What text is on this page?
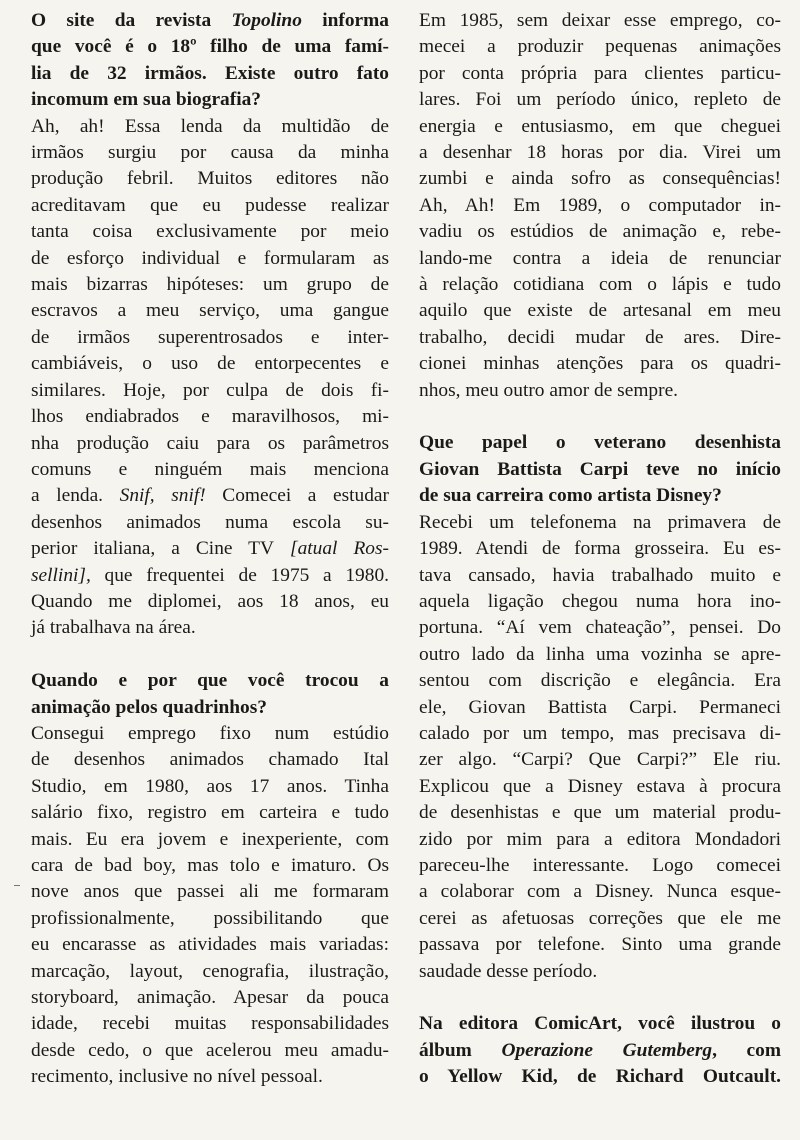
O site da revista Topolino informa
que você é o 18º filho de uma famí-
lia de 32 irmãos. Existe outro fato
incomum em sua biografia?
Ah, ah! Essa lenda da multidão de
irmãos surgiu por causa da minha
produção febril. Muitos editores não
acreditavam que eu pudesse realizar
tanta coisa exclusivamente por meio
de esforço individual e formularam as
mais bizarras hipóteses: um grupo de
escravos a meu serviço, uma gangue
de irmãos superentrosados e inter-
cambiáveis, o uso de entorpecentes e
similares. Hoje, por culpa de dois fi-
lhos endiabrados e maravilhosos, mi-
nha produção caiu para os parâmetros
comuns e ninguém mais menciona
a lenda. Snif, snif! Comecei a estudar
desenhos animados numa escola su-
perior italiana, a Cine TV [atual Ros-
sellini], que frequentei de 1975 a 1980.
Quando me diplomei, aos 18 anos, eu
já trabalhava na área.
Quando e por que você trocou a
animação pelos quadrinhos?
Consegui emprego fixo num estúdio
de desenhos animados chamado Ital
Studio, em 1980, aos 17 anos. Tinha
salário fixo, registro em carteira e tudo
mais. Eu era jovem e inexperiente, com
cara de bad boy, mas tolo e imaturo. Os
nove anos que passei ali me formaram
profissionalmente, possibilitando que
eu encarasse as atividades mais variadas:
marcação, layout, cenografia, ilustração,
storyboard, animação. Apesar da pouca
idade, recebi muitas responsabilidades
desde cedo, o que acelerou meu amadu-
recimento, inclusive no nível pessoal.
Em 1985, sem deixar esse emprego, co-
mecei a produzir pequenas animações
por conta própria para clientes particu-
lares. Foi um período único, repleto de
energia e entusiasmo, em que cheguei
a desenhar 18 horas por dia. Virei um
zumbi e ainda sofro as consequências!
Ah, Ah! Em 1989, o computador in-
vadiu os estúdios de animação e, rebe-
lando-me contra a ideia de renunciar
à relação cotidiana com o lápis e tudo
aquilo que existe de artesanal em meu
trabalho, decidi mudar de ares. Dire-
cionei minhas atenções para os quadri-
nhos, meu outro amor de sempre.
Que papel o veterano desenhista
Giovan Battista Carpi teve no início
de sua carreira como artista Disney?
Recebi um telefonema na primavera de
1989. Atendi de forma grosseira. Eu es-
tava cansado, havia trabalhado muito e
aquela ligação chegou numa hora ino-
portuna. “Aí vem chateação”, pensei. Do
outro lado da linha uma vozinha se apre-
sentou com discrição e elegância. Era
ele, Giovan Battista Carpi. Permaneci
calado por um tempo, mas precisava di-
zer algo. “Carpi? Que Carpi?” Ele riu.
Explicou que a Disney estava à procura
de desenhistas e que um material produ-
zido por mim para a editora Mondadori
pareceu-lhe interessante. Logo comecei
a colaborar com a Disney. Nunca esque-
cerei as afetuosas correções que ele me
passava por telefone. Sinto uma grande
saudade desse período.
Na editora ComicArt, você ilustrou o
álbum Operazione Gutemberg, com
o Yellow Kid, de Richard Outcault.
